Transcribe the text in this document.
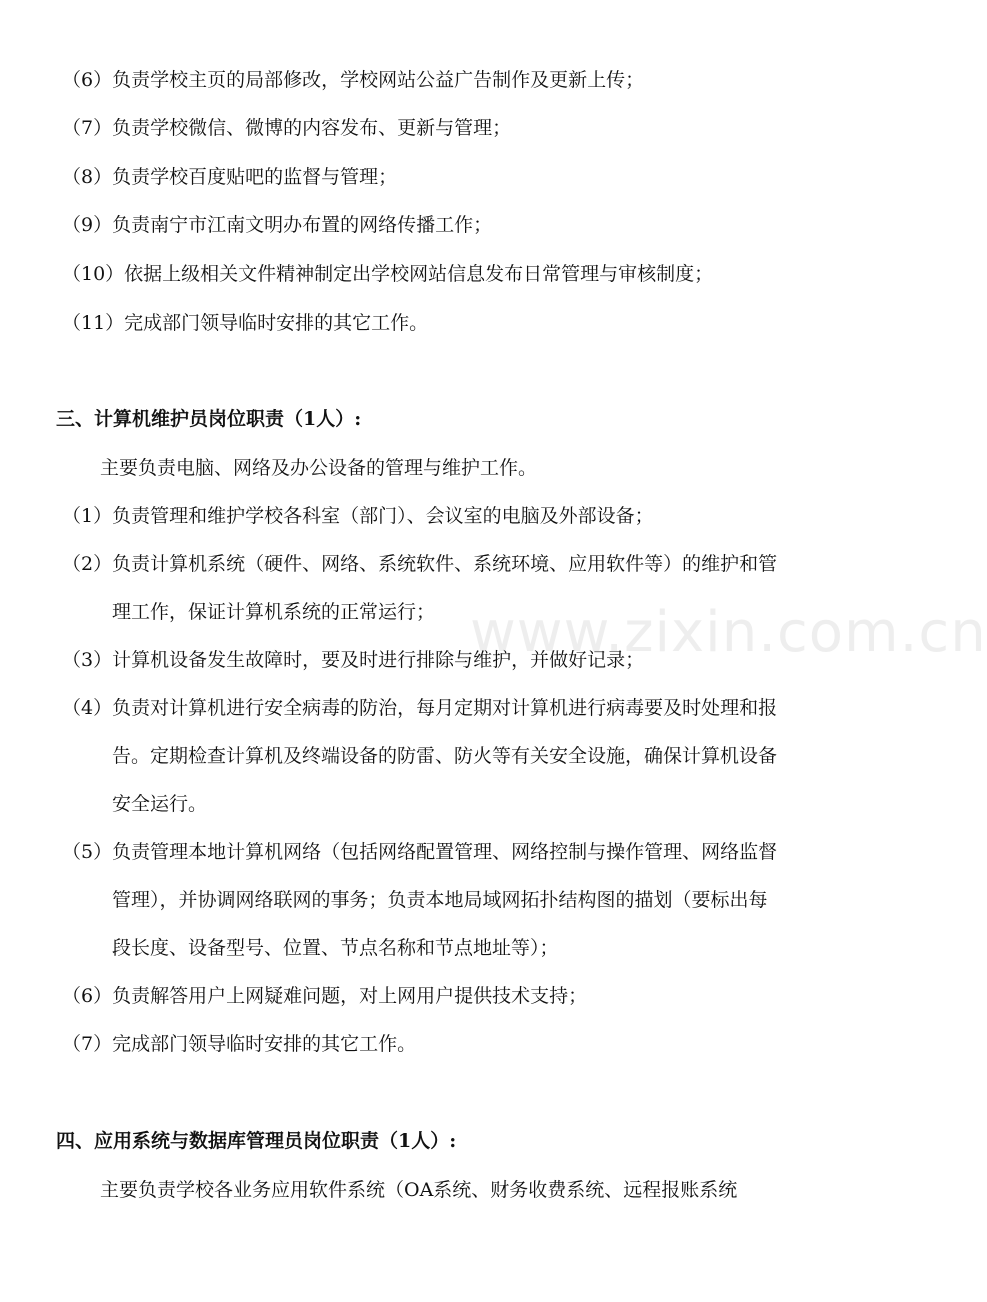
（6）负责学校主页的局部修改，学校网站公益广告制作及更新上传；
（7）负责学校微信、微博的内容发布、更新与管理；
（8）负责学校百度贴吧的监督与管理；
（9）负责南宁市江南文明办布置的网络传播工作；
（10）依据上级相关文件精神制定出学校网站信息发布日常管理与审核制度；
（11）完成部门领导临时安排的其它工作。
三、计算机维护员岗位职责（1人）:
主要负责电脑、网络及办公设备的管理与维护工作。
（1）负责管理和维护学校各科室（部门）、会议室的电脑及外部设备；
（2）负责计算机系统（硬件、网络、系统软件、系统环境、应用软件等）的维护和管
理工作，保证计算机系统的正常运行；
（3）计算机设备发生故障时，要及时进行排除与维护，并做好记录；
（4）负责对计算机进行安全病毒的防治，每月定期对计算机进行病毒要及时处理和报
告。定期检查计算机及终端设备的防雷、防火等有关安全设施，确保计算机设备
安全运行。
（5）负责管理本地计算机网络（包括网络配置管理、网络控制与操作管理、网络监督
管理），并协调网络联网的事务；负责本地局域网拓扑结构图的描划（要标出每
段长度、设备型号、位置、节点名称和节点地址等）；
（6）负责解答用户上网疑难问题，对上网用户提供技术支持；
（7）完成部门领导临时安排的其它工作。
四、应用系统与数据库管理员岗位职责（1人）:
主要负责学校各业务应用软件系统（OA系统、财务收费系统、远程报账系统
www.zixin.com.cn
